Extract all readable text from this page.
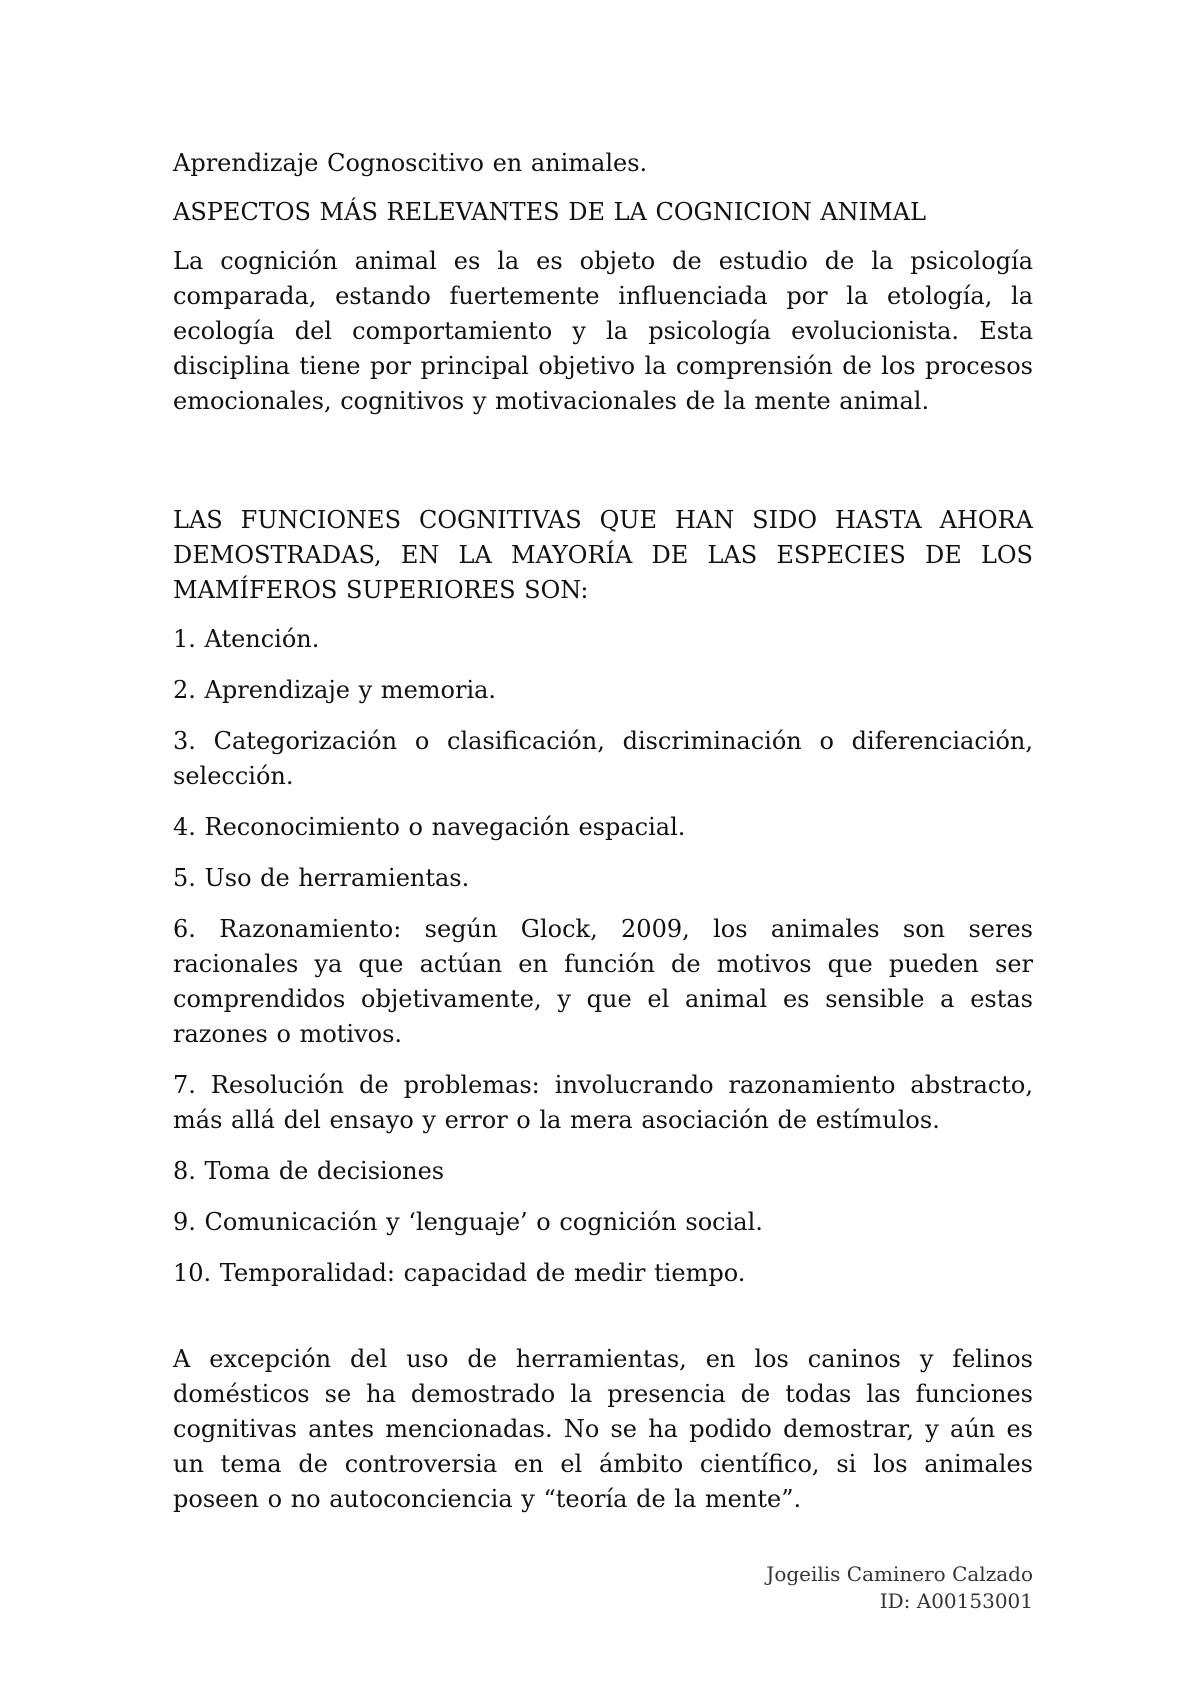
Aprendizaje Cognoscitivo en animales.

ASPECTOS MÁS RELEVANTES DE LA COGNICION ANIMAL

La cognición animal es la es objeto de estudio de la psicología comparada, estando fuertemente influenciada por la etología, la ecología del comportamiento y la psicología evolucionista. Esta disciplina tiene por principal objetivo la comprensión de los procesos emocionales, cognitivos y motivacionales de la mente animal.

LAS FUNCIONES COGNITIVAS QUE HAN SIDO HASTA AHORA DEMOSTRADAS, EN LA MAYORÍA DE LAS ESPECIES DE LOS MAMÍFEROS SUPERIORES SON:

1. Atención.
2. Aprendizaje y memoria.
3. Categorización o clasificación, discriminación o diferenciación, selección.
4. Reconocimiento o navegación espacial.
5. Uso de herramientas.
6. Razonamiento: según Glock, 2009, los animales son seres racionales ya que actúan en función de motivos que pueden ser comprendidos objetivamente, y que el animal es sensible a estas razones o motivos.
7. Resolución de problemas: involucrando razonamiento abstracto, más allá del ensayo y error o la mera asociación de estímulos.
8. Toma de decisiones
9. Comunicación y ‘lenguaje’ o cognición social.
10. Temporalidad: capacidad de medir tiempo.

A excepción del uso de herramientas, en los caninos y felinos domésticos se ha demostrado la presencia de todas las funciones cognitivas antes mencionadas. No se ha podido demostrar, y aún es un tema de controversia en el ámbito científico, si los animales poseen o no autoconciencia y “teoría de la mente”.

Jogeilis Caminero Calzado
ID: A00153001
